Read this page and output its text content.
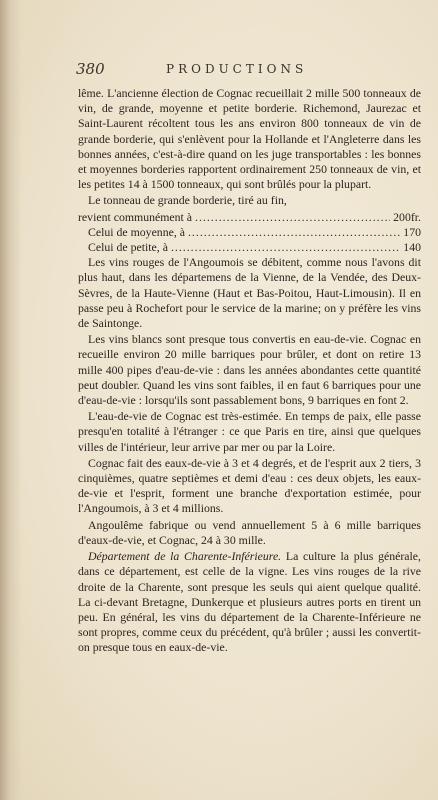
380	PRODUCTIONS

lême. L'ancienne élection de Cognac recueillait 2 mille 500 tonneaux de vin, de grande, moyenne et petite borderie. Richemond, Jaurezac et Saint-Laurent récoltent tous les ans environ 800 tonneaux de vin de grande borderie, qui s'enlèvent pour la Hollande et l'Angleterre dans les bonnes années, c'est-à-dire quand on les juge transportables : les bonnes et moyennes borderies rapportent ordinairement 250 tonneaux de vin, et les petites 14 à 1500 tonneaux, qui sont brûlés pour la plupart.

Le tonneau de grande borderie, tiré au fin,

revient communément à .....	200fr.
Celui de moyenne, à .....	170
Celui de petite, à .....	140

Les vins rouges de l'Angoumois se débitent, comme nous l'avons dit plus haut, dans les départemens de la Vienne, de la Vendée, des Deux-Sèvres, de la Haute-Vienne (Haut et Bas-Poitou, Haut-Limousin). Il en passe peu à Rochefort pour le service de la marine; on y préfère les vins de Saintonge.

Les vins blancs sont presque tous convertis en eau-de-vie. Cognac en recueille environ 20 mille barriques pour brûler, et dont on retire 13 mille 400 pipes d'eau-de-vie : dans les années abondantes cette quantité peut doubler. Quand les vins sont faibles, il en faut 6 barriques pour une d'eau-de-vie : lorsqu'ils sont passablement bons, 9 barriques en font 2.

L'eau-de-vie de Cognac est très-estimée. En temps de paix, elle passe presqu'en totalité à l'étranger : ce que Paris en tire, ainsi que quelques villes de l'intérieur, leur arrive par mer ou par la Loire.

Cognac fait des eaux-de-vie à 3 et 4 degrés, et de l'esprit aux 2 tiers, 3 cinquièmes, quatre septièmes et demi d'eau : ces deux objets, les eaux-de-vie et l'esprit, forment une branche d'exportation estimée, pour l'Angoumois, à 3 et 4 millions.

Angoulême fabrique ou vend annuellement 5 à 6 mille barriques d'eaux-de-vie, et Cognac, 24 à 30 mille.

Département de la Charente-Inférieure. La culture la plus générale, dans ce département, est celle de la vigne. Les vins rouges de la rive droite de la Charente, sont presque les seuls qui aient quelque qualité. La ci-devant Bretagne, Dunkerque et plusieurs autres ports en tirent un peu. En général, les vins du département de la Charente-Inférieure ne sont propres, comme ceux du précédent, qu'à brûler ; aussi les convertit-on presque tous en eaux-de-vie.
